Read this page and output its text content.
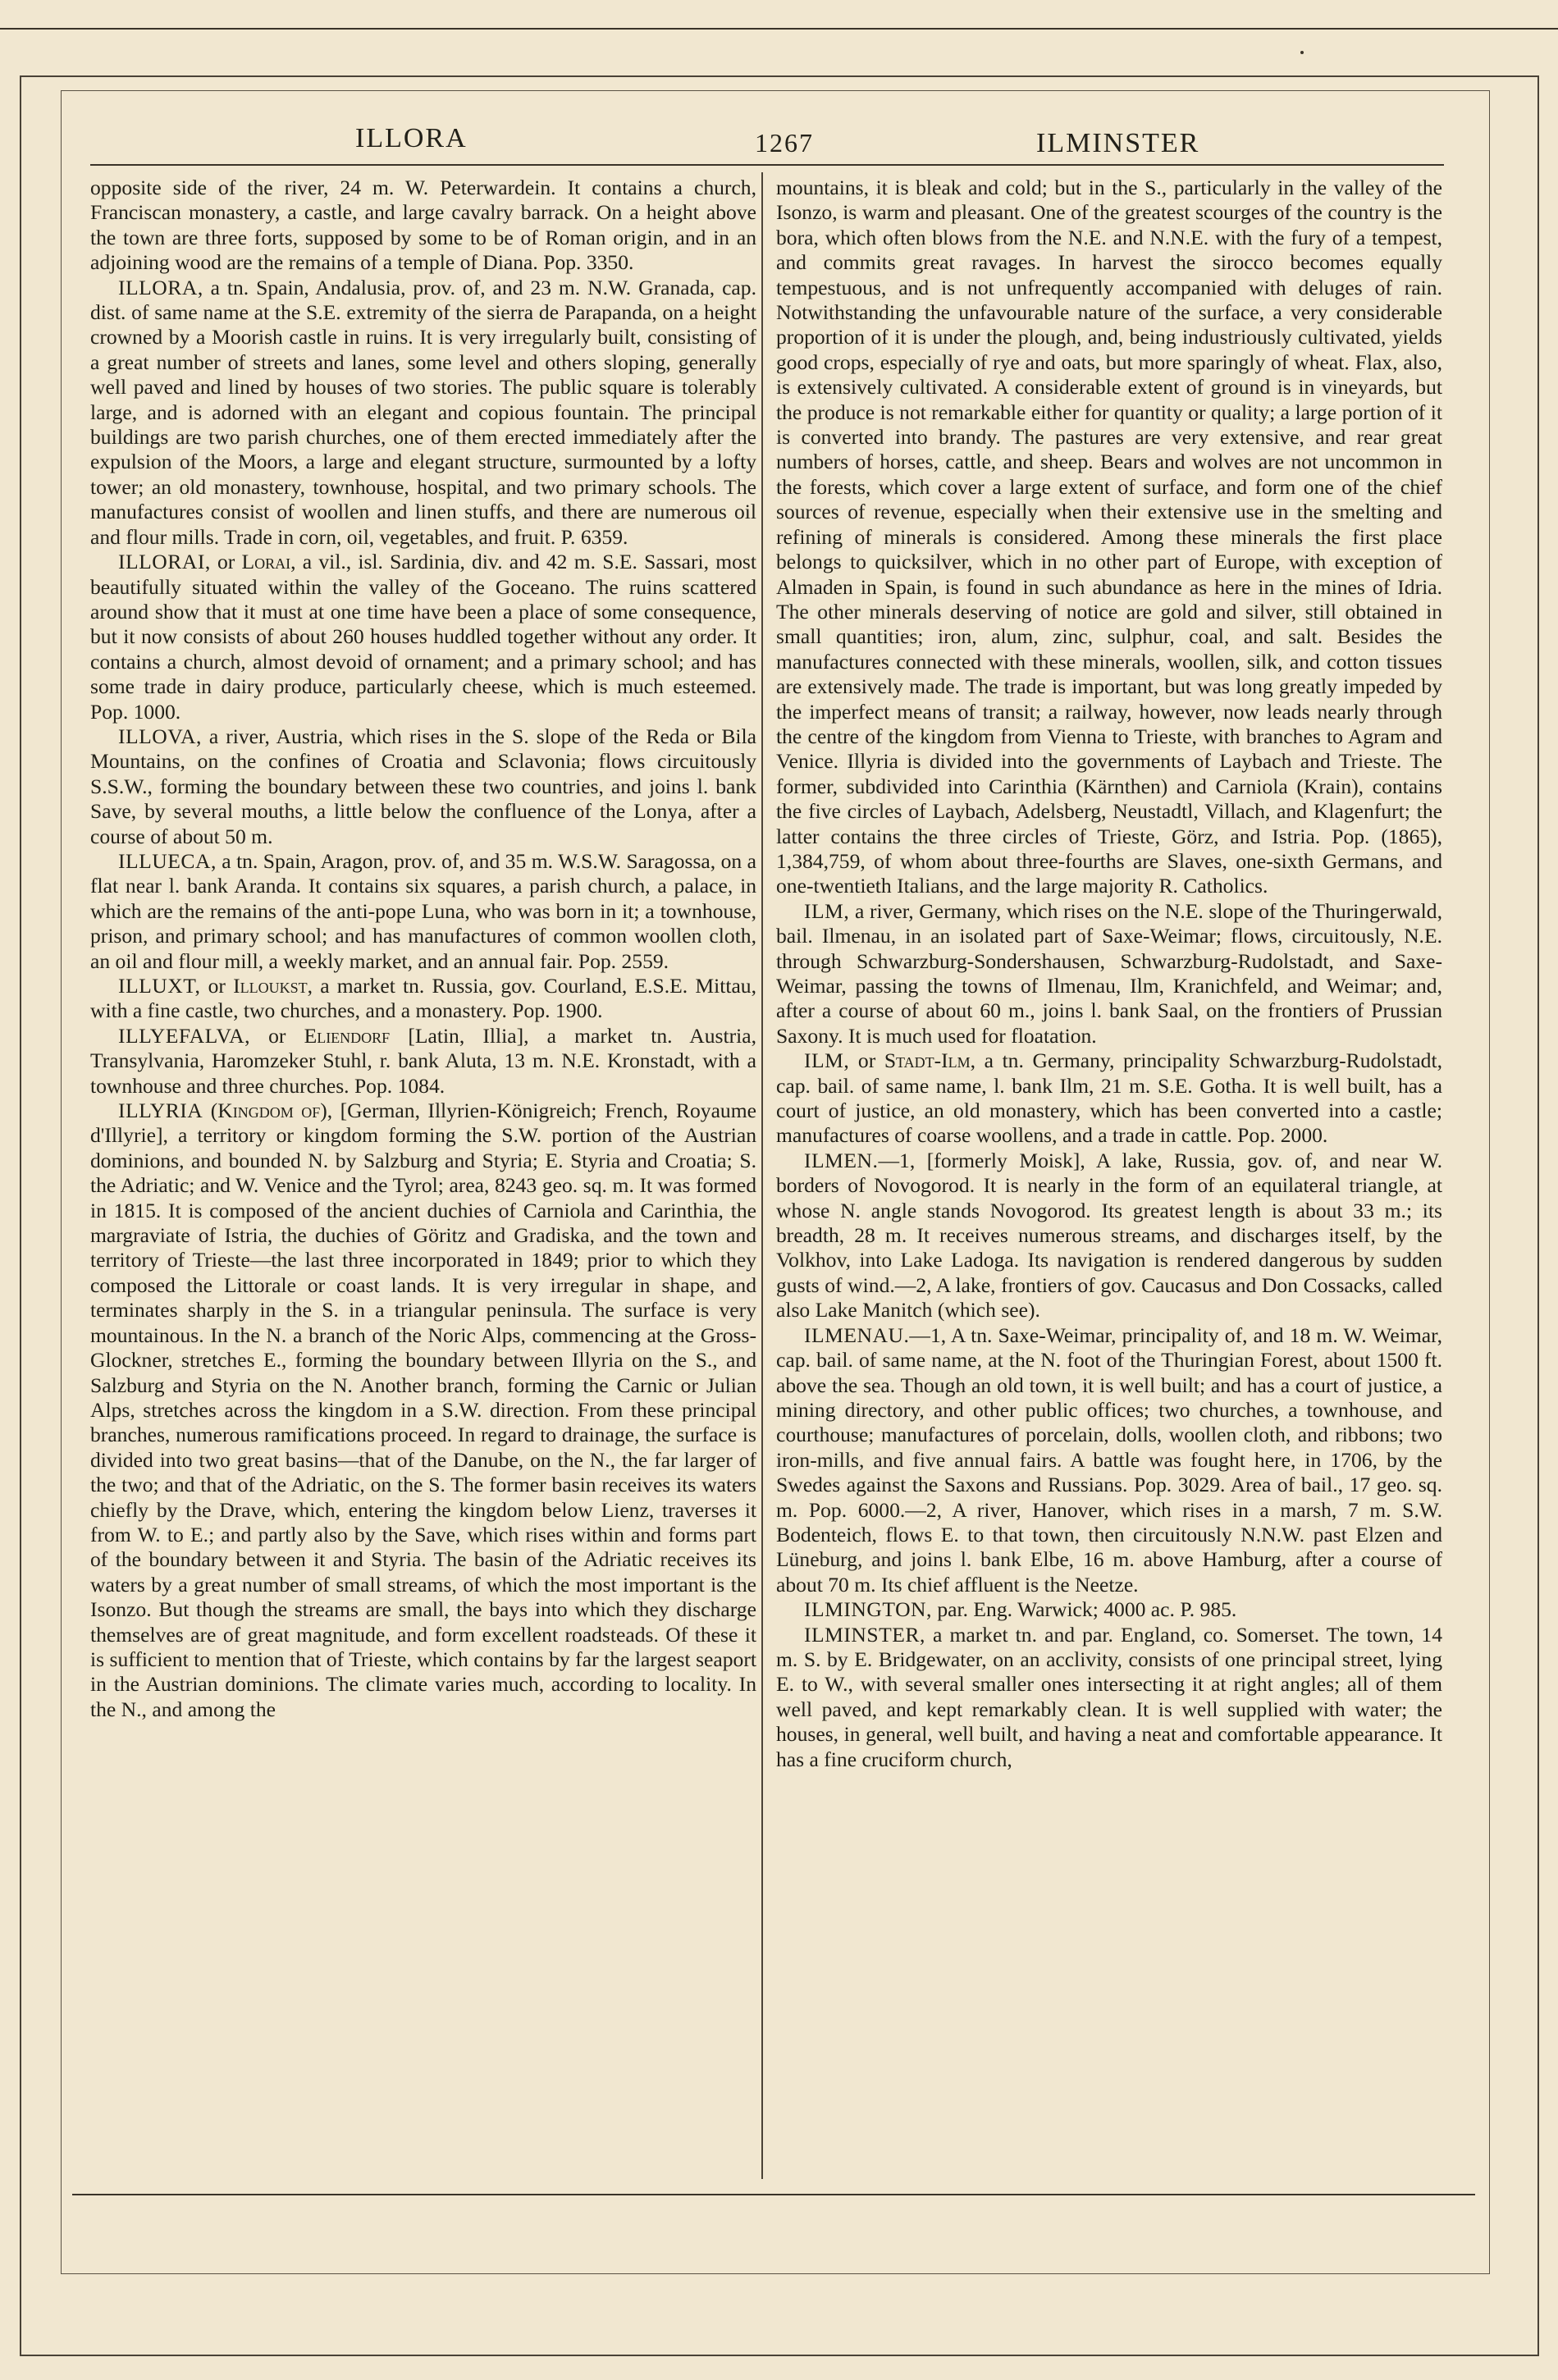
ILLORA	1267	ILMINSTER

opposite side of the river, 24 m. W. Peterwardein. It contains a church, Franciscan monastery, a castle, and large cavalry barrack. On a height above the town are three forts, supposed by some to be of Roman origin, and in an adjoining wood are the remains of a temple of Diana. Pop. 3350.

ILLORA, a tn. Spain, Andalusia, prov. of, and 23 m. N.W. Granada, cap. dist. of same name at the S.E. extremity of the sierra de Parapanda, on a height crowned by a Moorish castle in ruins. It is very irregularly built, consisting of a great number of streets and lanes, some level and others sloping, generally well paved and lined by houses of two stories. The public square is tolerably large, and is adorned with an elegant and copious fountain. The principal buildings are two parish churches, one of them erected immediately after the expulsion of the Moors, a large and elegant structure, surmounted by a lofty tower; an old monastery, townhouse, hospital, and two primary schools. The manufactures consist of woollen and linen stuffs, and there are numerous oil and flour mills. Trade in corn, oil, vegetables, and fruit. P. 6359.

ILLORAI, or Lorai, a vil., isl. Sardinia, div. and 42 m. S.E. Sassari, most beautifully situated within the valley of the Goceano. The ruins scattered around show that it must at one time have been a place of some consequence, but it now consists of about 260 houses huddled together without any order. It contains a church, almost devoid of ornament; and a primary school; and has some trade in dairy produce, particularly cheese, which is much esteemed. Pop. 1000.

ILLOVA, a river, Austria, which rises in the S. slope of the Reda or Bila Mountains, on the confines of Croatia and Sclavonia; flows circuitously S.S.W., forming the boundary between these two countries, and joins l. bank Save, by several mouths, a little below the confluence of the Lonya, after a course of about 50 m.

ILLUECA, a tn. Spain, Aragon, prov. of, and 35 m. W.S.W. Saragossa, on a flat near l. bank Aranda. It contains six squares, a parish church, a palace, in which are the remains of the anti-pope Luna, who was born in it; a townhouse, prison, and primary school; and has manufactures of common woollen cloth, an oil and flour mill, a weekly market, and an annual fair. Pop. 2559.

ILLUXT, or Illoukst, a market tn. Russia, gov. Courland, E.S.E. Mittau, with a fine castle, two churches, and a monastery. Pop. 1900.

ILLYEFALVA, or Eliendorf [Latin, Illia], a market tn. Austria, Transylvania, Haromzeker Stuhl, r. bank Aluta, 13 m. N.E. Kronstadt, with a townhouse and three churches. Pop. 1084.

ILLYRIA (Kingdom of), [German, Illyrien-Königreich; French, Royaume d'Illyrie], a territory or kingdom forming the S.W. portion of the Austrian dominions, and bounded N. by Salzburg and Styria; E. Styria and Croatia; S. the Adriatic; and W. Venice and the Tyrol; area, 8243 geo. sq. m. It was formed in 1815. It is composed of the ancient duchies of Carniola and Carinthia, the margraviate of Istria, the duchies of Göritz and Gradiska, and the town and territory of Trieste—the last three incorporated in 1849; prior to which they composed the Littorale or coast lands. It is very irregular in shape, and terminates sharply in the S. in a triangular peninsula. The surface is very mountainous. In the N. a branch of the Noric Alps, commencing at the Gross-Glockner, stretches E., forming the boundary between Illyria on the S., and Salzburg and Styria on the N. Another branch, forming the Carnic or Julian Alps, stretches across the kingdom in a S.W. direction. From these principal branches, numerous ramifications proceed. In regard to drainage, the surface is divided into two great basins—that of the Danube, on the N., the far larger of the two; and that of the Adriatic, on the S. The former basin receives its waters chiefly by the Drave, which, entering the kingdom below Lienz, traverses it from W. to E.; and partly also by the Save, which rises within and forms part of the boundary between it and Styria. The basin of the Adriatic receives its waters by a great number of small streams, of which the most important is the Isonzo. But though the streams are small, the bays into which they discharge themselves are of great magnitude, and form excellent roadsteads. Of these it is sufficient to mention that of Trieste, which contains by far the largest seaport in the Austrian dominions. The climate varies much, according to locality. In the N., and among the

mountains, it is bleak and cold; but in the S., particularly in the valley of the Isonzo, is warm and pleasant. One of the greatest scourges of the country is the bora, which often blows from the N.E. and N.N.E. with the fury of a tempest, and commits great ravages. In harvest the sirocco becomes equally tempestuous, and is not unfrequently accompanied with deluges of rain. Notwithstanding the unfavourable nature of the surface, a very considerable proportion of it is under the plough, and, being industriously cultivated, yields good crops, especially of rye and oats, but more sparingly of wheat. Flax, also, is extensively cultivated. A considerable extent of ground is in vineyards, but the produce is not remarkable either for quantity or quality; a large portion of it is converted into brandy. The pastures are very extensive, and rear great numbers of horses, cattle, and sheep. Bears and wolves are not uncommon in the forests, which cover a large extent of surface, and form one of the chief sources of revenue, especially when their extensive use in the smelting and refining of minerals is considered. Among these minerals the first place belongs to quicksilver, which in no other part of Europe, with exception of Almaden in Spain, is found in such abundance as here in the mines of Idria. The other minerals deserving of notice are gold and silver, still obtained in small quantities; iron, alum, zinc, sulphur, coal, and salt. Besides the manufactures connected with these minerals, woollen, silk, and cotton tissues are extensively made. The trade is important, but was long greatly impeded by the imperfect means of transit; a railway, however, now leads nearly through the centre of the kingdom from Vienna to Trieste, with branches to Agram and Venice. Illyria is divided into the governments of Laybach and Trieste. The former, subdivided into Carinthia (Kärnthen) and Carniola (Krain), contains the five circles of Laybach, Adelsberg, Neustadtl, Villach, and Klagenfurt; the latter contains the three circles of Trieste, Görz, and Istria. Pop. (1865), 1,384,759, of whom about three-fourths are Slaves, one-sixth Germans, and one-twentieth Italians, and the large majority R. Catholics.

ILM, a river, Germany, which rises on the N.E. slope of the Thuringerwald, bail. Ilmenau, in an isolated part of Saxe-Weimar; flows, circuitously, N.E. through Schwarzburg-Sondershausen, Schwarzburg-Rudolstadt, and Saxe-Weimar, passing the towns of Ilmenau, Ilm, Kranichfeld, and Weimar; and, after a course of about 60 m., joins l. bank Saal, on the frontiers of Prussian Saxony. It is much used for floatation.

ILM, or Stadt-Ilm, a tn. Germany, principality Schwarzburg-Rudolstadt, cap. bail. of same name, l. bank Ilm, 21 m. S.E. Gotha. It is well built, has a court of justice, an old monastery, which has been converted into a castle; manufactures of coarse woollens, and a trade in cattle. Pop. 2000.

ILMEN.—1, [formerly Moisk], A lake, Russia, gov. of, and near W. borders of Novogorod. It is nearly in the form of an equilateral triangle, at whose N. angle stands Novogorod. Its greatest length is about 33 m.; its breadth, 28 m. It receives numerous streams, and discharges itself, by the Volkhov, into Lake Ladoga. Its navigation is rendered dangerous by sudden gusts of wind.—2, A lake, frontiers of gov. Caucasus and Don Cossacks, called also Lake Manitch (which see).

ILMENAU.—1, A tn. Saxe-Weimar, principality of, and 18 m. W. Weimar, cap. bail. of same name, at the N. foot of the Thuringian Forest, about 1500 ft. above the sea. Though an old town, it is well built; and has a court of justice, a mining directory, and other public offices; two churches, a townhouse, and courthouse; manufactures of porcelain, dolls, woollen cloth, and ribbons; two iron-mills, and five annual fairs. A battle was fought here, in 1706, by the Swedes against the Saxons and Russians. Pop. 3029. Area of bail., 17 geo. sq. m. Pop. 6000.—2, A river, Hanover, which rises in a marsh, 7 m. S.W. Bodenteich, flows E. to that town, then circuitously N.N.W. past Elzen and Lüneburg, and joins l. bank Elbe, 16 m. above Hamburg, after a course of about 70 m. Its chief affluent is the Neetze.

ILMINGTON, par. Eng. Warwick; 4000 ac. P. 985.

ILMINSTER, a market tn. and par. England, co. Somerset. The town, 14 m. S. by E. Bridgewater, on an acclivity, consists of one principal street, lying E. to W., with several smaller ones intersecting it at right angles; all of them well paved, and kept remarkably clean. It is well supplied with water; the houses, in general, well built, and having a neat and comfortable appearance. It has a fine cruciform church,
